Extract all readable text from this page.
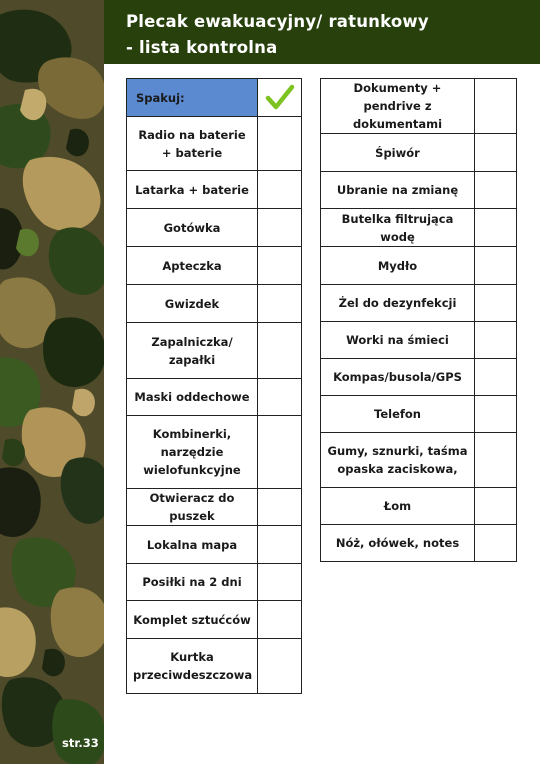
Plecak ewakuacyjny/ ratunkowy
- lista kontrolna
Spakuj:	

Radio na baterie + baterie	
Latarka + baterie	
Gotówka	
Apteczka	
Gwizdek	
Zapalniczka/ zapałki	
Maski oddechowe	
Kombinerki, narzędzie wielofunkcyjne	
Otwieracz do puszek	
Lokalna mapa	
Posiłki na 2 dni	
Komplet sztućców	
Kurtka przeciwdeszczowa	
Dokumenty + pendrive z dokumentami	
Śpiwór	
Ubranie na zmianę	
Butelka filtrująca wodę	
Mydło	
Żel do dezynfekcji	
Worki na śmieci	
Kompas/busola/GPS	
Telefon	
Gumy, sznurki, taśma opaska zaciskowa,	
Łom	
Nóż, ołówek, notes	
str.33
